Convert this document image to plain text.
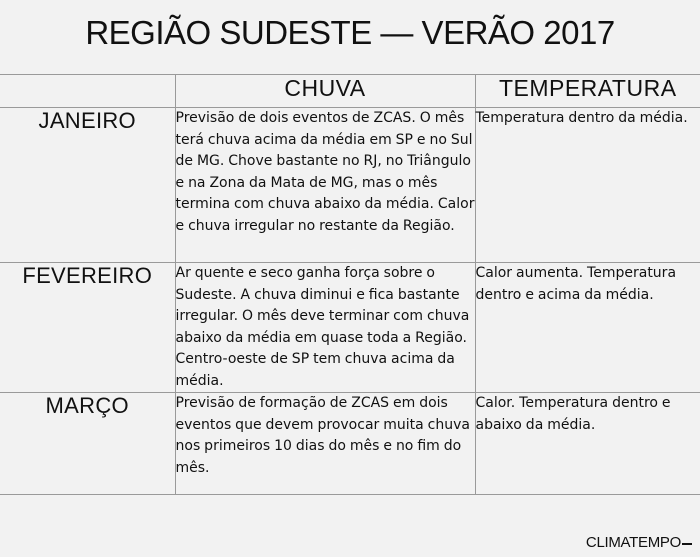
REGIÃO SUDESTE — VERÃO 2017
	CHUVA	TEMPERATURA
JANEIRO	Previsão de dois eventos de ZCAS. O mês terá chuva acima da média em SP e no Sul de MG. Chove bastante no RJ, no Triângulo e na Zona da Mata de MG, mas o mês termina com chuva abaixo da média. Calor e chuva irregular no restante da Região.	Temperatura dentro da média.
FEVEREIRO	Ar quente e seco ganha força sobre o Sudeste. A chuva diminui e fica bastante irregular. O mês deve terminar com chuva abaixo da média em quase toda a Região. Centro-oeste de SP tem chuva acima da média.	Calor aumenta. Temperatura dentro e acima da média.
MARÇO	Previsão de formação de ZCAS em dois eventos que devem provocar muita chuva nos primeiros 10 dias do mês e no fim do mês.	Calor. Temperatura dentro e abaixo da média.
CLIMATEMPO
